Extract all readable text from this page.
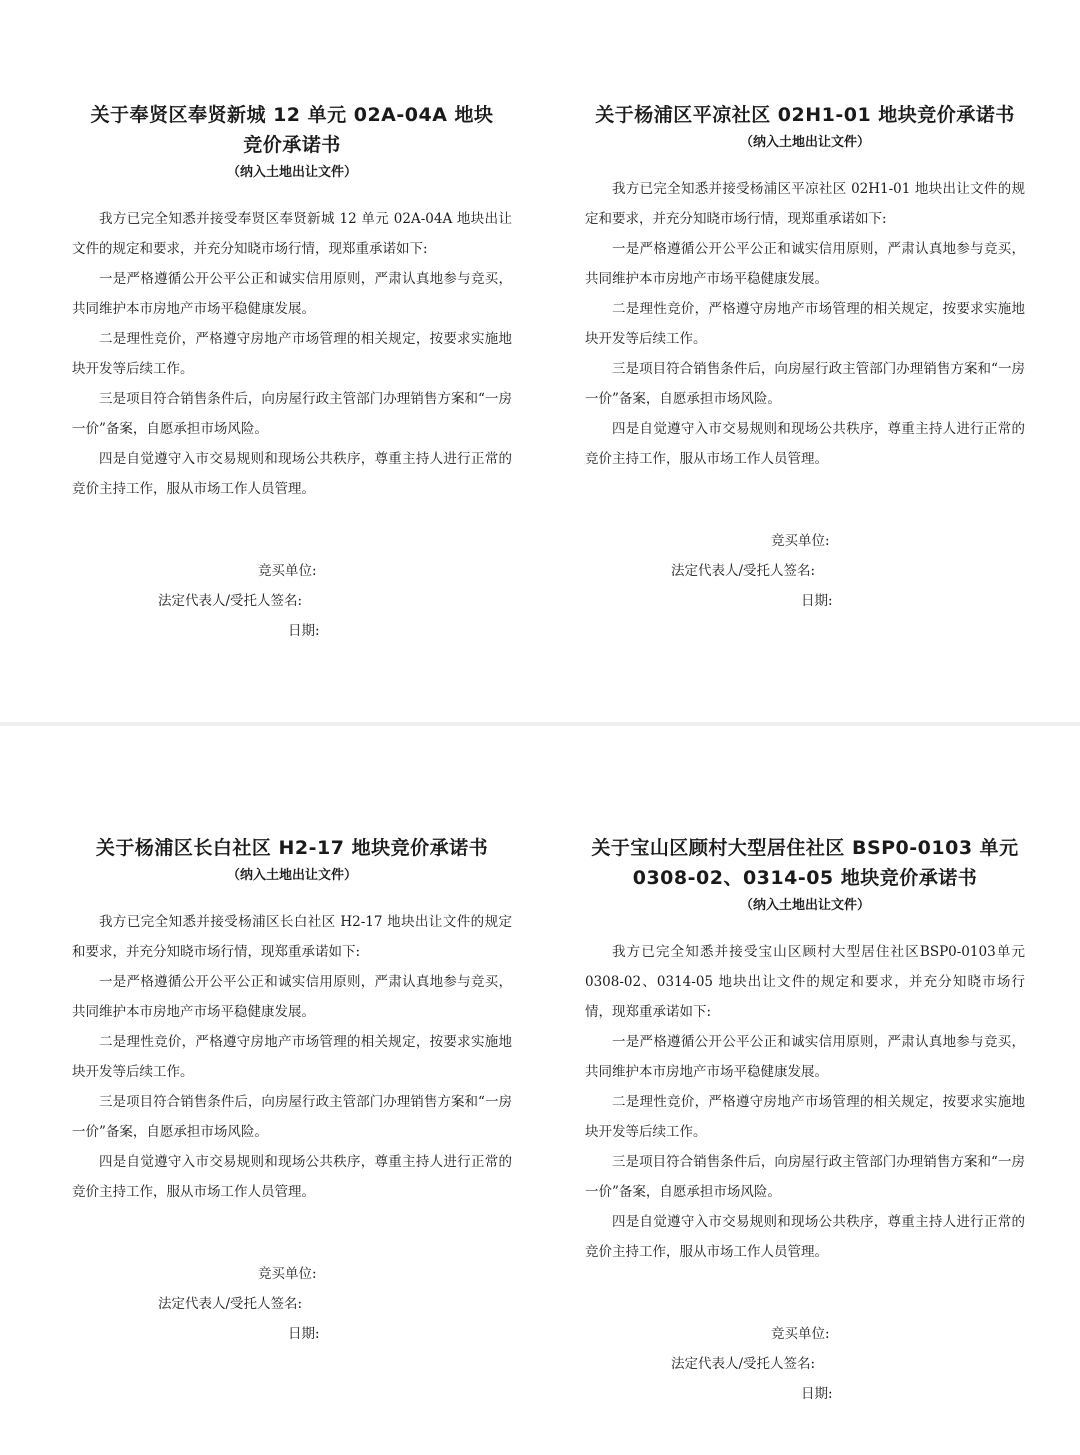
关于奉贤区奉贤新城 12 单元 02A-04A 地块

竞价承诺书

（纳入土地出让文件）

我方已完全知悉并接受奉贤区奉贤新城 12 单元 02A-04A 地块出让文件的规定和要求，并充分知晓市场行情，现郑重承诺如下:

一是严格遵循公开公平公正和诚实信用原则，严肃认真地参与竞买，共同维护本市房地产市场平稳健康发展。

二是理性竞价，严格遵守房地产市场管理的相关规定，按要求实施地块开发等后续工作。

三是项目符合销售条件后，向房屋行政主管部门办理销售方案和“一房一价”备案，自愿承担市场风险。

四是自觉遵守入市交易规则和现场公共秩序，尊重主持人进行正常的竞价主持工作，服从市场工作人员管理。

竞买单位:

法定代表人/受托人签名:

日期:

关于杨浦区平凉社区 02H1-01 地块竞价承诺书

（纳入土地出让文件）

我方已完全知悉并接受杨浦区平凉社区 02H1-01 地块出让文件的规定和要求，并充分知晓市场行情，现郑重承诺如下:

一是严格遵循公开公平公正和诚实信用原则，严肃认真地参与竞买，共同维护本市房地产市场平稳健康发展。

二是理性竞价，严格遵守房地产市场管理的相关规定，按要求实施地块开发等后续工作。

三是项目符合销售条件后，向房屋行政主管部门办理销售方案和“一房一价”备案，自愿承担市场风险。

四是自觉遵守入市交易规则和现场公共秩序，尊重主持人进行正常的竞价主持工作，服从市场工作人员管理。

竞买单位:

法定代表人/受托人签名:

日期:

关于杨浦区长白社区 H2-17 地块竞价承诺书

（纳入土地出让文件）

我方已完全知悉并接受杨浦区长白社区 H2-17 地块出让文件的规定和要求，并充分知晓市场行情，现郑重承诺如下:

一是严格遵循公开公平公正和诚实信用原则，严肃认真地参与竞买，共同维护本市房地产市场平稳健康发展。

二是理性竞价，严格遵守房地产市场管理的相关规定，按要求实施地块开发等后续工作。

三是项目符合销售条件后，向房屋行政主管部门办理销售方案和“一房一价”备案，自愿承担市场风险。

四是自觉遵守入市交易规则和现场公共秩序，尊重主持人进行正常的竞价主持工作，服从市场工作人员管理。

竞买单位:

法定代表人/受托人签名:

日期:

关于宝山区顾村大型居住社区 BSP0-0103 单元

0308-02、0314-05 地块竞价承诺书

（纳入土地出让文件）

我方已完全知悉并接受宝山区顾村大型居住社区BSP0-0103单元 0308-02、0314-05 地块出让文件的规定和要求，并充分知晓市场行情，现郑重承诺如下:

一是严格遵循公开公平公正和诚实信用原则，严肃认真地参与竞买，共同维护本市房地产市场平稳健康发展。

二是理性竞价，严格遵守房地产市场管理的相关规定，按要求实施地块开发等后续工作。

三是项目符合销售条件后，向房屋行政主管部门办理销售方案和“一房一价”备案，自愿承担市场风险。

四是自觉遵守入市交易规则和现场公共秩序，尊重主持人进行正常的竞价主持工作，服从市场工作人员管理。

竞买单位:

法定代表人/受托人签名:

日期:
